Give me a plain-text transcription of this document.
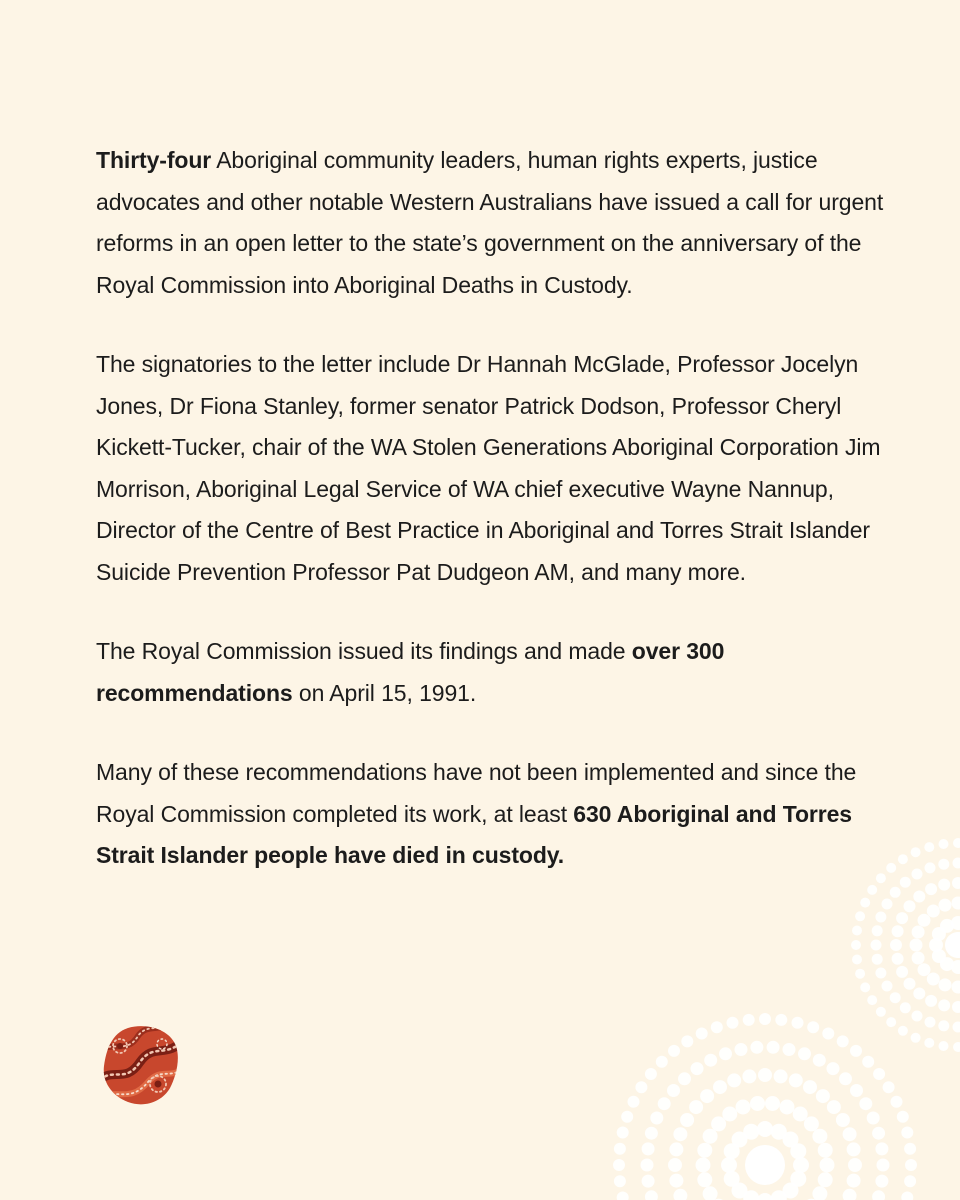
Thirty-four Aboriginal community leaders, human rights experts, justice advocates and other notable Western Australians have issued a call for urgent reforms in an open letter to the state’s government on the anniversary of the Royal Commission into Aboriginal Deaths in Custody.

The signatories to the letter include Dr Hannah McGlade, Professor Jocelyn Jones, Dr Fiona Stanley, former senator Patrick Dodson, Professor Cheryl Kickett-Tucker, chair of the WA Stolen Generations Aboriginal Corporation Jim Morrison, Aboriginal Legal Service of WA chief executive Wayne Nannup, Director of the Centre of Best Practice in Aboriginal and Torres Strait Islander Suicide Prevention Professor Pat Dudgeon AM, and many more.

The Royal Commission issued its findings and made over 300 recommendations on April 15, 1991.

Many of these recommendations have not been implemented and since the Royal Commission completed its work, at least 630 Aboriginal and Torres Strait Islander people have died in custody.
